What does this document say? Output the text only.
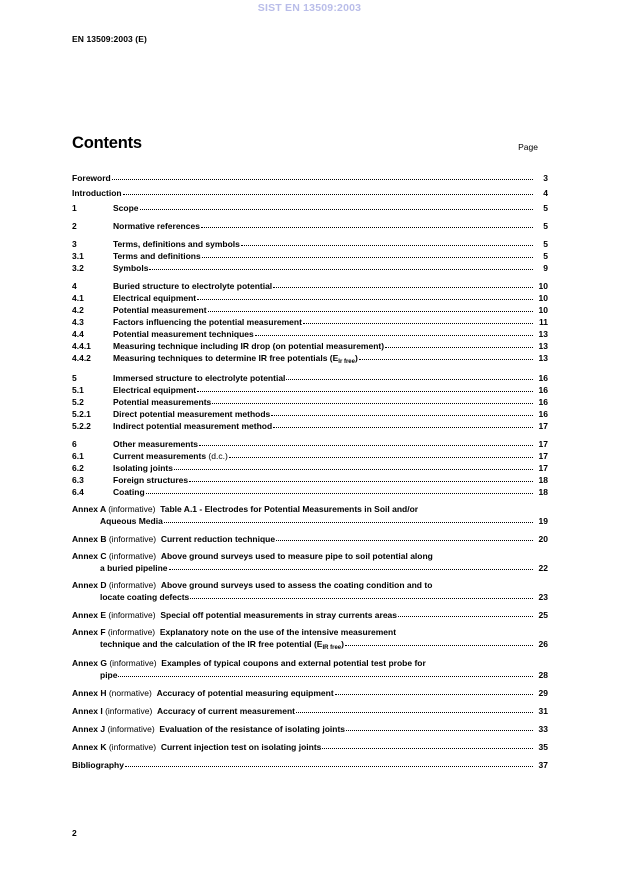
SIST EN 13509:2003
EN 13509:2003 (E)
Contents	Page
Foreword	3
Introduction	4
1	Scope	5
2	Normative references	5
3	Terms, definitions and symbols	5
3.1	Terms and definitions	5
3.2	Symbols	9
4	Buried structure to electrolyte potential	10
4.1	Electrical equipment	10
4.2	Potential measurement	10
4.3	Factors influencing the potential measurement	11
4.4	Potential measurement techniques	13
4.4.1	Measuring technique including IR drop (on potential measurement)	13
4.4.2	Measuring techniques to determine IR free potentials $(E_{Ir free})$	13
5	Immersed structure to electrolyte potential	16
5.1	Electrical equipment	16
5.2	Potential measurements	16
5.2.1	Direct potential measurement methods	16
5.2.2	Indirect potential measurement method	17
6	Other measurements	17
6.1	Current measurements (d.c.)	17
6.2	Isolating joints	17
6.3	Foreign structures	18
6.4	Coating	18
Annex A (informative)  Table A.1 - Electrodes for Potential Measurements in Soil and/or
Aqueous Media	19
Annex B (informative)  Current reduction technique	20
Annex C (informative)  Above ground surveys used to measure pipe to soil potential along
a buried pipeline	22
Annex D (informative)  Above ground surveys used to assess the coating condition and to
locate coating defects	23
Annex E (informative)  Special off potential measurements in stray currents areas	25
Annex F (informative)  Explanatory note on the use of the intensive measurement
technique and the calculation of the IR free potential $(E_{IR free})$	26
Annex G (informative)  Examples of typical coupons and external potential test probe for
pipe	28
Annex H (normative)  Accuracy of potential measuring equipment	29
Annex I (informative)  Accuracy of current measurement	31
Annex J (informative)  Evaluation of the resistance of isolating joints	33
Annex K (informative)  Current injection test on isolating joints	35
Bibliography	37
2
